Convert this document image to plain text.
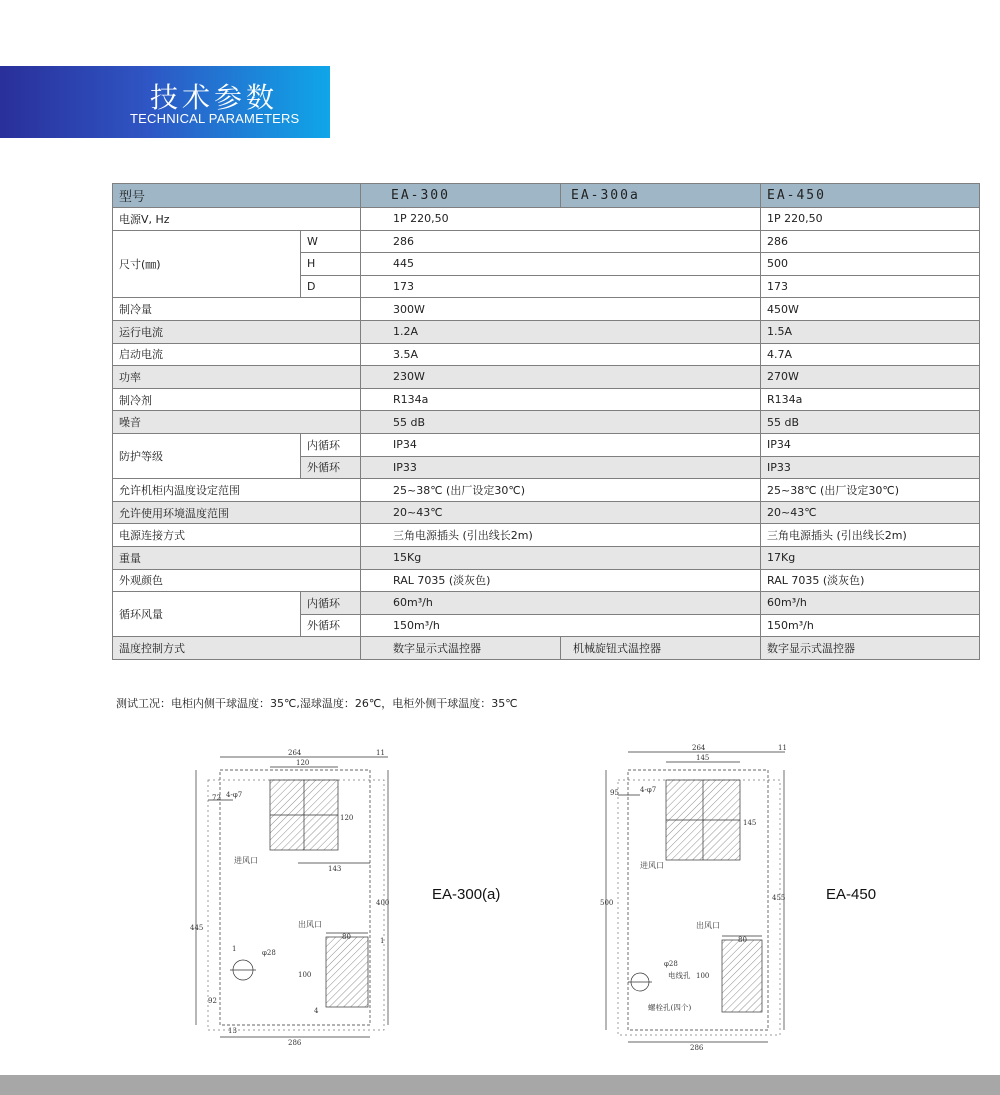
技术参数
TECHNICAL PARAMETERS
型号		EA-300	EA-300a	EA-450
电源V, Hz		1P 220,50		1P 220,50
尺寸(㎜)	W	286		286
	H	445		500
	D	173		173
制冷量		300W		450W
运行电流		1.2A		1.5A
启动电流		3.5A		4.7A
功率		230W		270W
制冷剂		R134a		R134a
噪音		55 dB		55 dB
防护等级	内循环	IP34		IP34
	外循环	IP33		IP33
允许机柜内温度设定范围		25~38℃ (出厂设定30℃)		25~38℃ (出厂设定30℃)
允许使用环境温度范围		20~43℃		20~43℃
电源连接方式		三角电源插头 (引出线长2m)		三角电源插头 (引出线长2m)
重量		15Kg		17Kg
外观颜色		RAL 7035 (淡灰色)		RAL 7035 (淡灰色)
循环风量	内循环	60m³/h		60m³/h
	外循环	150m³/h		150m³/h
温度控制方式		数字显示式温控器	机械旋钮式温控器	数字显示式温控器
测试工况：电柜内侧干球温度：35℃,湿球温度：26℃，电柜外侧干球温度：35℃
264	11
120
72 4-φ7
120
143
进风口
445
400
出风口
80
100
φ28
1
4
1
92
13
286
EA-300(a)
264	11
145
95	4-φ7
145
进风口
500
455
出风口
80
100
φ28
电线孔
螺栓孔(四个)
286
EA-450
